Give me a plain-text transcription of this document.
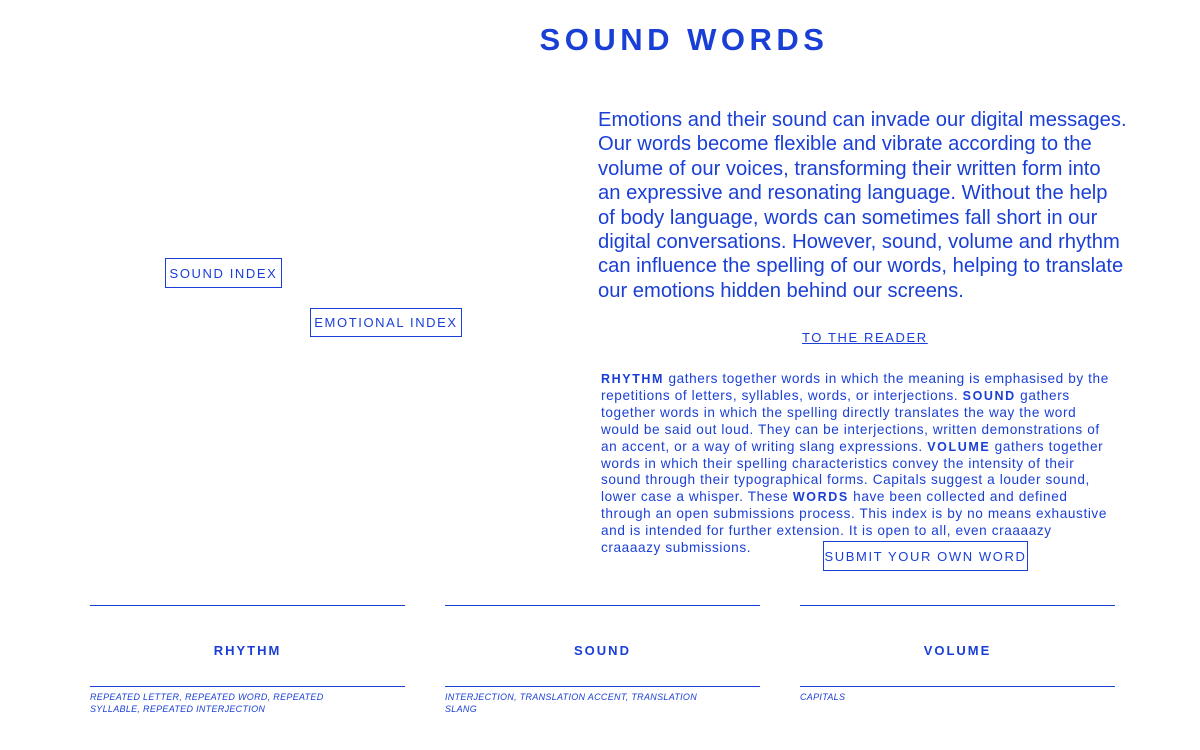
SOUND WORDS
SOUND INDEX
EMOTIONAL INDEX

Emotions and their sound can invade our digital messages. Our words become flexible and vibrate according to the volume of our voices, transforming their written form into an expressive and resonating language. Without the help of body language, words can sometimes fall short in our digital conversations. However, sound, volume and rhythm can influence the spelling of our words, helping to translate our emotions hidden behind our screens.

TO THE READER

RHYTHM gathers together words in which the meaning is emphasised by the repetitions of letters, syllables, words, or interjections. SOUND gathers together words in which the spelling directly translates the way the word would be said out loud. They can be interjections, written demonstrations of an accent, or a way of writing slang expressions. VOLUME gathers together words in which their spelling characteristics convey the intensity of their sound through their typographical forms. Capitals suggest a louder sound, lower case a whisper. These WORDS have been collected and defined through an open submissions process. This index is by no means exhaustive and is intended for further extension. It is open to all, even craaaazy craaaazy submissions.

SUBMIT YOUR OWN WORD
RHYTHM
REPEATED LETTER, REPEATED WORD, REPEATED SYLLABLE, REPEATED INTERJECTION
SOUND
INTERJECTION, TRANSLATION ACCENT, TRANSLATION SLANG
VOLUME
CAPITALS
